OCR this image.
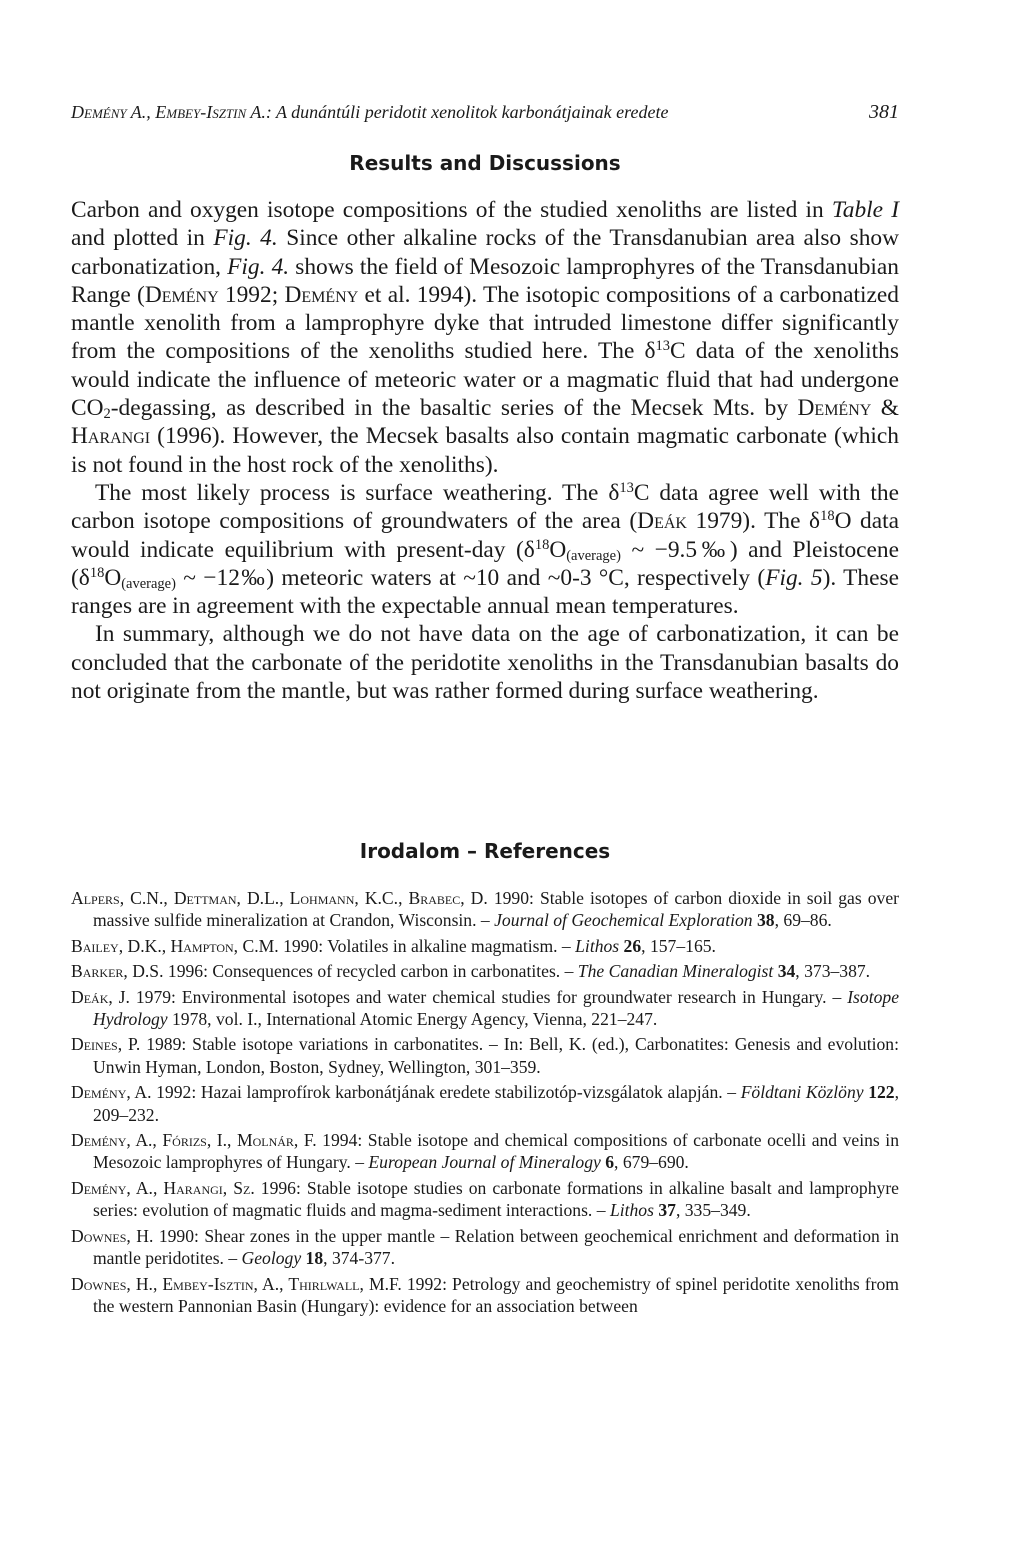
Demény A., Embey-Isztin A.: A dunántúli peridotit xenolitok karbonátjainak eredete	381
Results and Discussions

Carbon and oxygen isotope compositions of the studied xenoliths are listed in Table I and plotted in Fig. 4. Since other alkaline rocks of the Transdanubian area also show carbonatization, Fig. 4. shows the field of Mesozoic lamprophyres of the Transdanubian Range (Demény 1992; Demény et al. 1994). The isotopic compositions of a carbonatized mantle xenolith from a lamprophyre dyke that intruded limestone differ significantly from the compositions of the xenoliths studied here. The $\delta^{13}C$ data of the xenoliths would indicate the influence of meteoric water or a magmatic fluid that had undergone $CO_2$-degassing, as described in the basaltic series of the Mecsek Mts. by Demény & Harangi (1996). However, the Mecsek basalts also contain magmatic carbonate (which is not found in the host rock of the xenoliths).

The most likely process is surface weathering. The $\delta^{13}C$ data agree well with the carbon isotope compositions of groundwaters of the area (Deák 1979). The $\delta^{18}O$ data would indicate equilibrium with present-day ($\delta^{18}O_{(average)}$ ~ −9.5‰) and Pleistocene ($\delta^{18}O_{(average)}$ ~ −12‰) meteoric waters at ~10 and ~0-3 °C, respectively (Fig. 5). These ranges are in agreement with the expectable annual mean temperatures.

In summary, although we do not have data on the age of carbonatization, it can be concluded that the carbonate of the peridotite xenoliths in the Transdanubian basalts do not originate from the mantle, but was rather formed during surface weathering.

Irodalom – References

Alpers, C.N., Dettman, D.L., Lohmann, K.C., Brabec, D. 1990: Stable isotopes of carbon dioxide in soil gas over massive sulfide mineralization at Crandon, Wisconsin. – Journal of Geochemical Exploration 38, 69–86.

Bailey, D.K., Hampton, C.M. 1990: Volatiles in alkaline magmatism. – Lithos 26, 157–165.

Barker, D.S. 1996: Consequences of recycled carbon in carbonatites. – The Canadian Mineralogist 34, 373–387.

Deák, J. 1979: Environmental isotopes and water chemical studies for groundwater research in Hungary. – Isotope Hydrology 1978, vol. I., International Atomic Energy Agency, Vienna, 221–247.

Deines, P. 1989: Stable isotope variations in carbonatites. – In: Bell, K. (ed.), Carbonatites: Genesis and evolution: Unwin Hyman, London, Boston, Sydney, Wellington, 301–359.

Demény, A. 1992: Hazai lamprofírok karbonátjának eredete stabilizotóp-vizsgálatok alapján. – Földtani Közlöny 122, 209–232.

Demény, A., Fórizs, I., Molnár, F. 1994: Stable isotope and chemical compositions of carbonate ocelli and veins in Mesozoic lamprophyres of Hungary. – European Journal of Mineralogy 6, 679–690.

Demény, A., Harangi, Sz. 1996: Stable isotope studies on carbonate formations in alkaline basalt and lamprophyre series: evolution of magmatic fluids and magma-sediment interactions. – Lithos 37, 335–349.

Downes, H. 1990: Shear zones in the upper mantle – Relation between geochemical enrichment and deformation in mantle peridotites. – Geology 18, 374-377.

Downes, H., Embey-Isztin, A., Thirlwall, M.F. 1992: Petrology and geochemistry of spinel peridotite xenoliths from the western Pannonian Basin (Hungary): evidence for an association between
